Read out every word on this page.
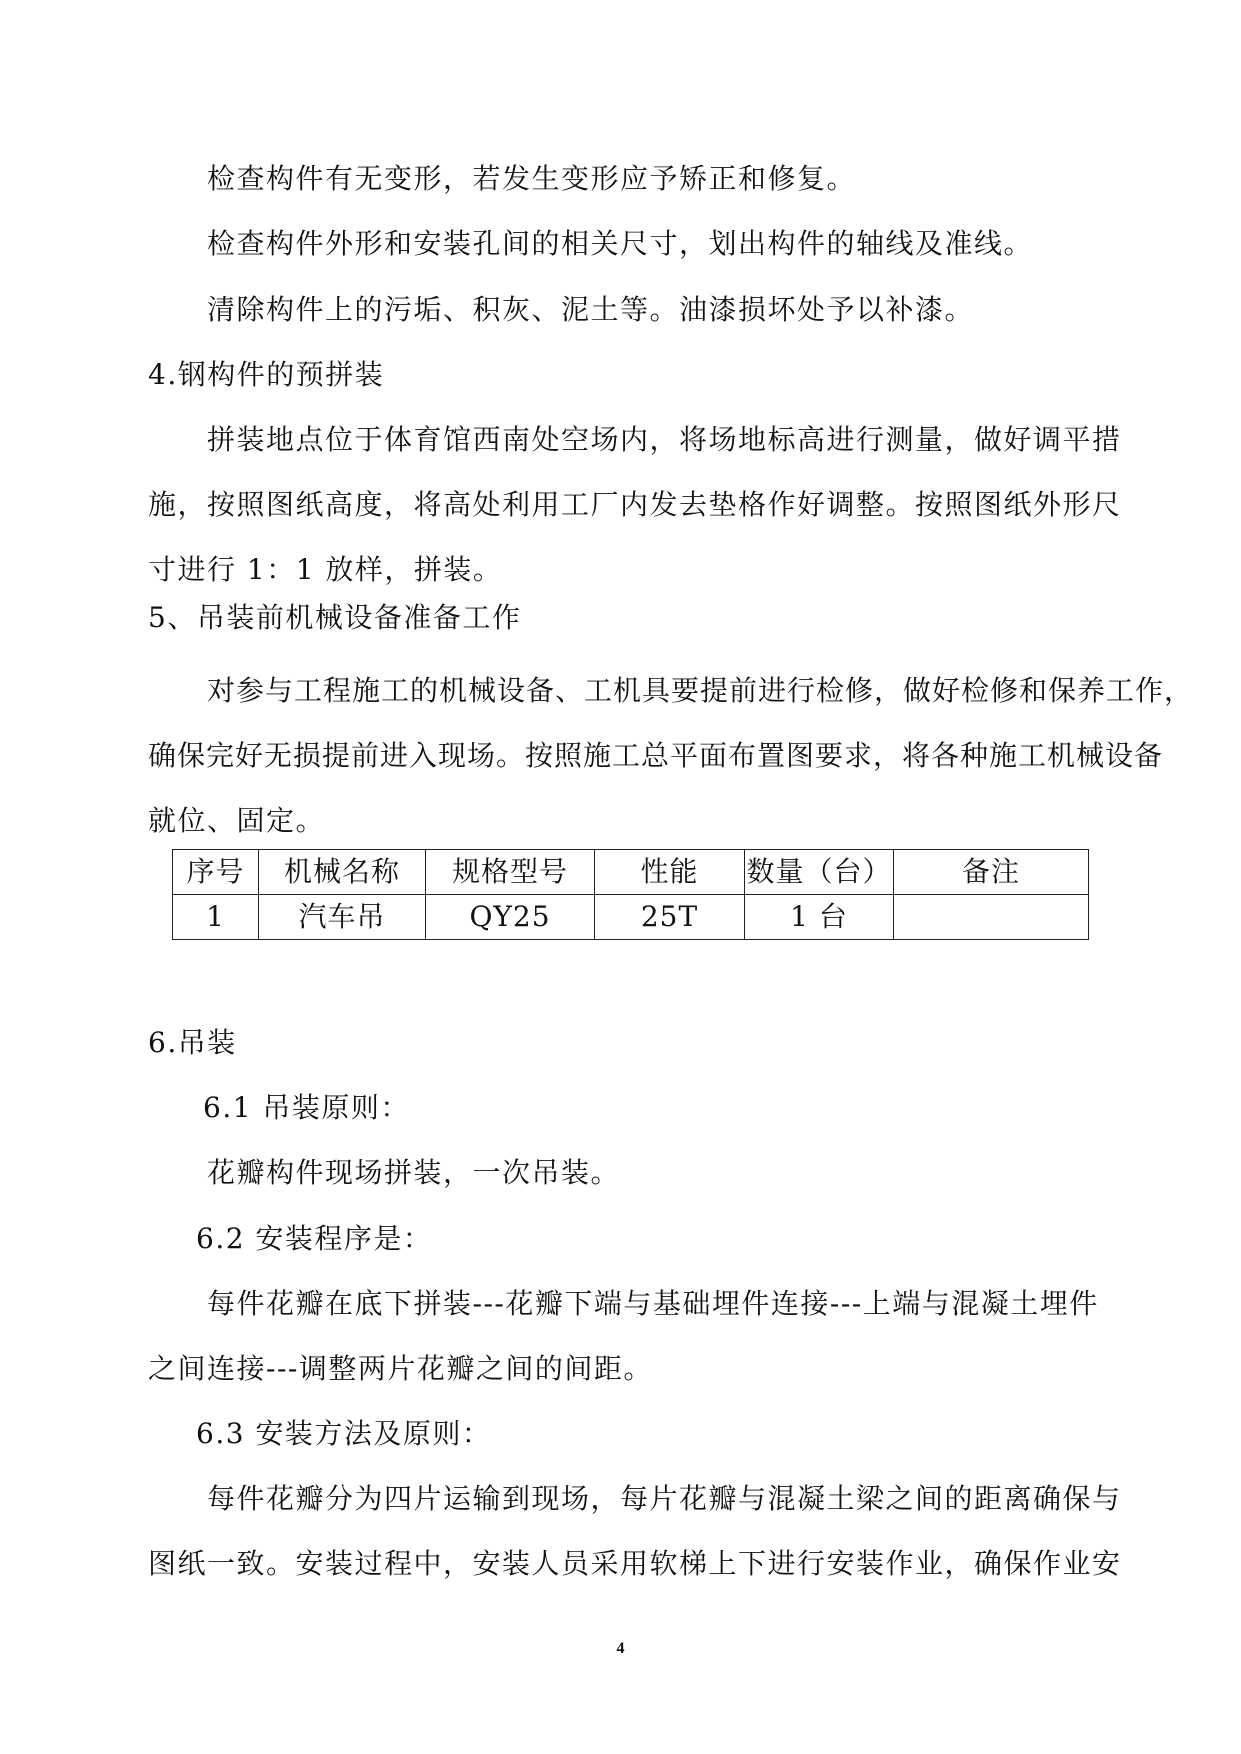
检查构件有无变形，若发生变形应予矫正和修复。
检查构件外形和安装孔间的相关尺寸，划出构件的轴线及准线。
清除构件上的污垢、积灰、泥土等。油漆损坏处予以补漆。
4.钢构件的预拼装
拼装地点位于体育馆西南处空场内，将场地标高进行测量，做好调平措
施，按照图纸高度，将高处利用工厂内发去垫格作好调整。按照图纸外形尺
寸进行 1：1 放样，拼装。
5、吊装前机械设备准备工作
对参与工程施工的机械设备、工机具要提前进行检修，做好检修和保养工作，
确保完好无损提前进入现场。按照施工总平面布置图要求，将各种施工机械设备
就位、固定。
序号	机械名称	规格型号	性能	数量（台）	备注
1	汽车吊	QY25	25T	1 台	
6.吊装
6.1 吊装原则：
花瓣构件现场拼装，一次吊装。
6.2 安装程序是：
每件花瓣在底下拼装---花瓣下端与基础埋件连接---上端与混凝土埋件
之间连接---调整两片花瓣之间的间距。
6.3 安装方法及原则：
每件花瓣分为四片运输到现场，每片花瓣与混凝土梁之间的距离确保与
图纸一致。安装过程中，安装人员采用软梯上下进行安装作业，确保作业安
4
